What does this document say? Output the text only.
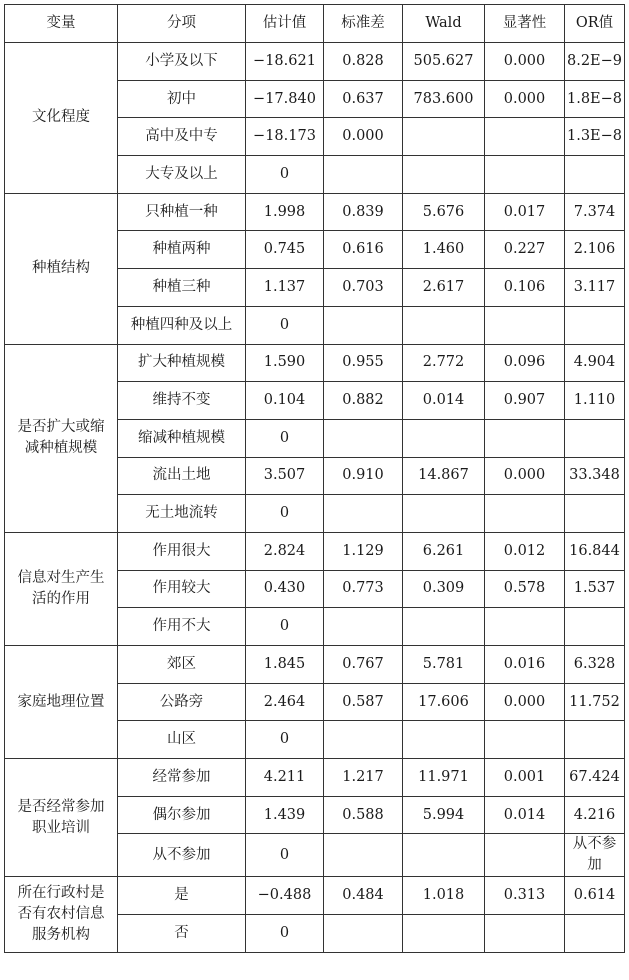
变量	分项	估计值	标准差	Wald	显著性	OR值
文化程度	小学及以下	−18.621	0.828	505.627	0.000	8.2E−9
	初中	−17.840	0.637	783.600	0.000	1.8E−8
	高中及中专	−18.173	0.000			1.3E−8
	大专及以上	0				
种植结构	只种植一种	1.998	0.839	5.676	0.017	7.374
	种植两种	0.745	0.616	1.460	0.227	2.106
	种植三种	1.137	0.703	2.617	0.106	3.117
	种植四种及以上	0				
是否扩大或缩
减种植规模	扩大种植规模	1.590	0.955	2.772	0.096	4.904
	维持不变	0.104	0.882	0.014	0.907	1.110
	缩减种植规模	0				
	流出土地	3.507	0.910	14.867	0.000	33.348
	无土地流转	0				
信息对生产生
活的作用	作用很大	2.824	1.129	6.261	0.012	16.844
	作用较大	0.430	0.773	0.309	0.578	1.537
	作用不大	0				
家庭地理位置	郊区	1.845	0.767	5.781	0.016	6.328
	公路旁	2.464	0.587	17.606	0.000	11.752
	山区	0				
是否经常参加
职业培训	经常参加	4.211	1.217	11.971	0.001	67.424
	偶尔参加	1.439	0.588	5.994	0.014	4.216
	从不参加	0				从不参加
所在行政村是
否有农村信息
服务机构	是	−0.488	0.484	1.018	0.313	0.614
	否	0				
